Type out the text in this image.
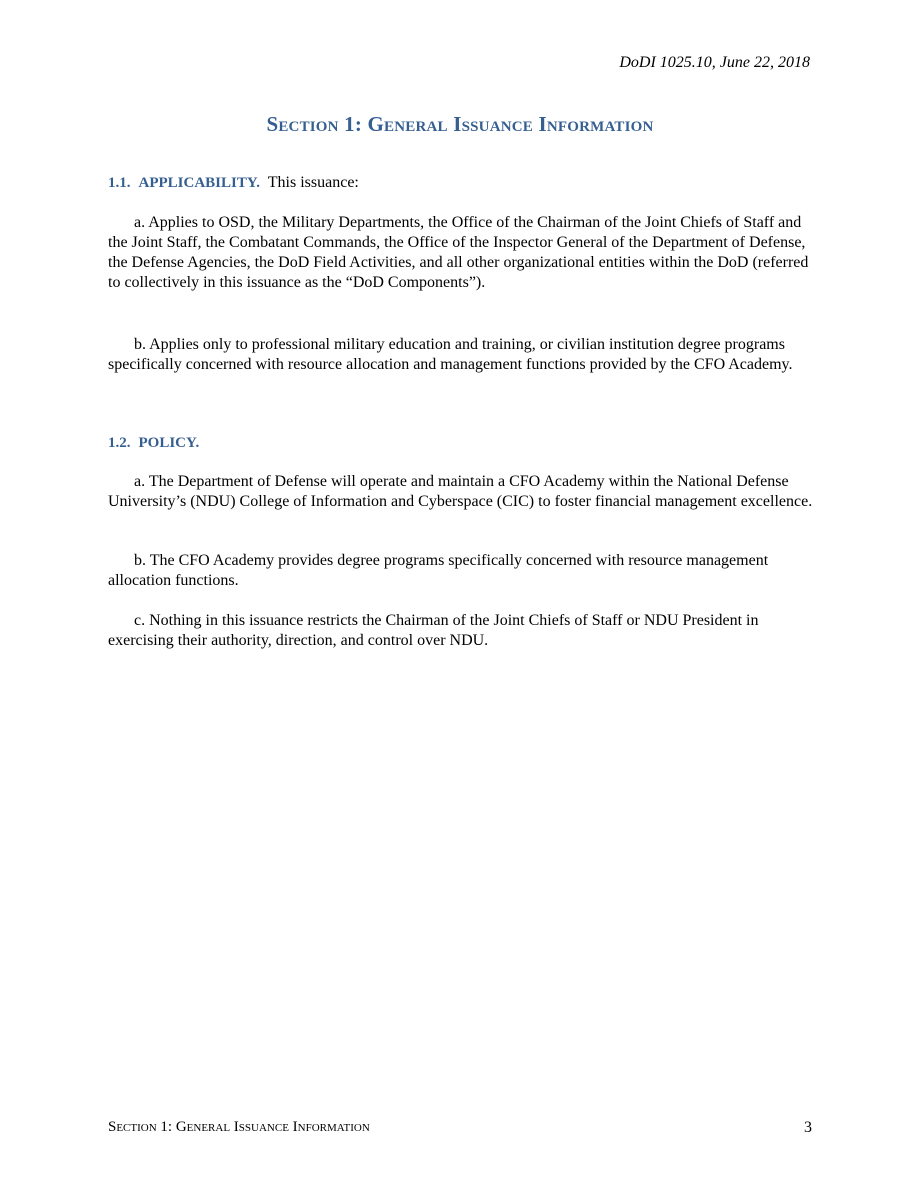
DoDI 1025.10, June 22, 2018
Section 1: General Issuance Information

1.1. APPLICABILITY. This issuance:

a. Applies to OSD, the Military Departments, the Office of the Chairman of the Joint Chiefs of Staff and the Joint Staff, the Combatant Commands, the Office of the Inspector General of the Department of Defense, the Defense Agencies, the DoD Field Activities, and all other organizational entities within the DoD (referred to collectively in this issuance as the “DoD Components”).

b. Applies only to professional military education and training, or civilian institution degree programs specifically concerned with resource allocation and management functions provided by the CFO Academy.

1.2. POLICY.

a. The Department of Defense will operate and maintain a CFO Academy within the National Defense University’s (NDU) College of Information and Cyberspace (CIC) to foster financial management excellence.

b. The CFO Academy provides degree programs specifically concerned with resource management allocation functions.

c. Nothing in this issuance restricts the Chairman of the Joint Chiefs of Staff or NDU President in exercising their authority, direction, and control over NDU.

Section 1: General Issuance Information	3
